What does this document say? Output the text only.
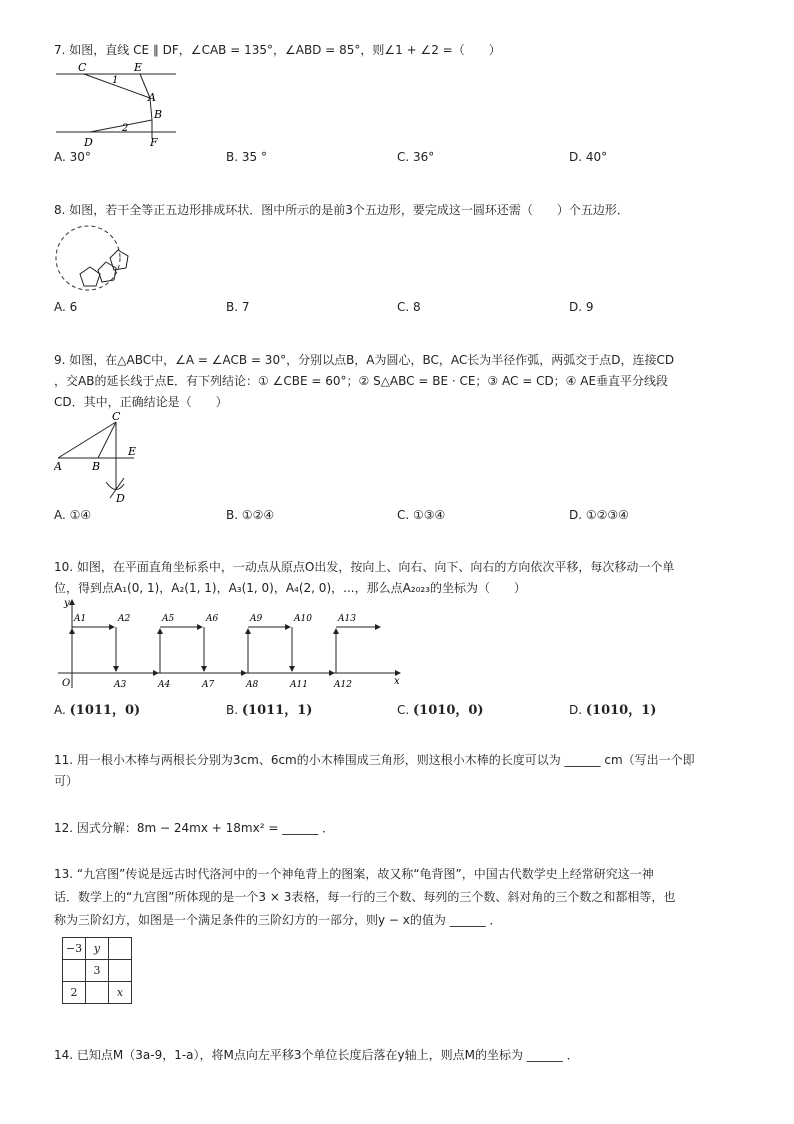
7. 如图，直线 CE ∥ DF，∠CAB = 135°，∠ABD = 85°，则∠1 + ∠2 =（　　）
C	E
1
A
B
2
D	F
A. 30°	B. 35 °	C. 36°	D. 40°
8. 如图，若干全等正五边形排成环状．图中所示的是前3个五边形，要完成这一圆环还需（　　）个五边形．
A. 6	B. 7	C. 8	D. 9
9. 如图，在△ABC中，∠A = ∠ACB = 30°，分别以点B，A为圆心，BC，AC长为半径作弧，两弧交于点D，连接CD
，交AB的延长线于点E．有下列结论：① ∠CBE = 60°；② S△ABC = BE · CE；③ AC = CD；④ AE垂直平分线段
CD．其中，正确结论是（　　）
C
E
A	B
D
A. ①④	B. ①②④	C. ①③④	D. ①②③④
10. 如图，在平面直角坐标系中，一动点从原点O出发，按向上、向右、向下、向右的方向依次平移，每次移动一个单
位，得到点A₁(0, 1)，A₂(1, 1)，A₃(1, 0)，A₄(2, 0)，...，那么点A₂₀₂₃的坐标为（　　）
y
x
O
A1	A2
A3	A4
A5	A6
A7	A8
A9	A10
A11	A12
A13
A. (1011，0)	B. (1011，1)	C. (1010，0)	D. (1010，1)
11. 用一根小木棒与两根长分别为3cm、6cm的小木棒围成三角形，则这根小木棒的长度可以为 ______ cm（写出一个即
可）
12. 因式分解：8m − 24mx + 18mx² = ______ ．
13. “九宫图”传说是远古时代洛河中的一个神龟背上的图案，故又称“龟背图”，中国古代数学史上经常研究这一神
话．数学上的“九宫图”所体现的是一个3 × 3表格，每一行的三个数、每列的三个数、斜对角的三个数之和都相等，也
称为三阶幻方，如图是一个满足条件的三阶幻方的一部分，则y − x的值为 ______ ．
−3	y	
	3	
2		x
14. 已知点M（3a-9，1-a），将M点向左平移3个单位长度后落在y轴上，则点M的坐标为 ______ ．
